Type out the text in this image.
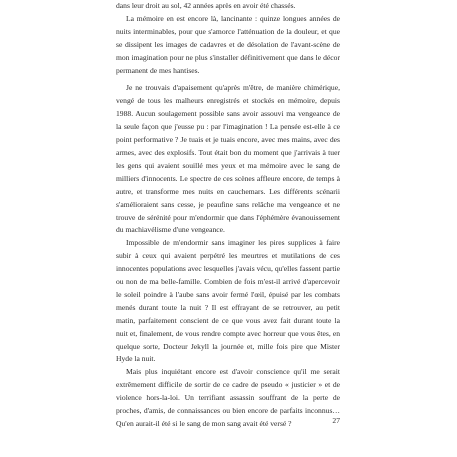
dans leur droit au sol, 42 années après en avoir été chassés.

La mémoire en est encore là, lancinante : quinze longues années de nuits interminables, pour que s'amorce l'atténuation de la douleur, et que se dissipent les images de cadavres et de désolation de l'avant-scène de mon imagination pour ne plus s'installer définitivement que dans le décor permanent de mes hantises.

Je ne trouvais d'apaisement qu'après m'être, de manière chimérique, vengé de tous les malheurs enregistrés et stockés en mémoire, depuis 1988. Aucun soulagement possible sans avoir assouvi ma vengeance de la seule façon que j'eusse pu : par l'imagination ! La pensée est-elle à ce point performative ? Je tuais et je tuais encore, avec mes mains, avec des armes, avec des explosifs. Tout était bon du moment que j'arrivais à tuer les gens qui avaient souillé mes yeux et ma mémoire avec le sang de milliers d'innocents. Le spectre de ces scènes affleure encore, de temps à autre, et transforme mes nuits en cauchemars. Les différents scénarii s'amélioraient sans cesse, je peaufine sans relâche ma vengeance et ne trouve de sérénité pour m'endormir que dans l'éphémère évanouissement du machiavélisme d'une vengeance.

Impossible de m'endormir sans imaginer les pires supplices à faire subir à ceux qui avaient perpétré les meurtres et mutilations de ces innocentes populations avec lesquelles j'avais vécu, qu'elles fassent partie ou non de ma belle-famille. Combien de fois m'est-il arrivé d'apercevoir le soleil poindre à l'aube sans avoir fermé l'œil, épuisé par les combats menés durant toute la nuit ? Il est effrayant de se retrouver, au petit matin, parfaitement conscient de ce que vous avez fait durant toute la nuit et, finalement, de vous rendre compte avec horreur que vous êtes, en quelque sorte, Docteur Jekyll la journée et, mille fois pire que Mister Hyde la nuit.

Mais plus inquiétant encore est d'avoir conscience qu'il me serait extrêmement difficile de sortir de ce cadre de pseudo « justicier » et de violence hors-la-loi. Un terrifiant assassin souffrant de la perte de proches, d'amis, de connaissances ou bien encore de parfaits inconnus… Qu'en aurait-il été si le sang de mon sang avait été versé ?	27
